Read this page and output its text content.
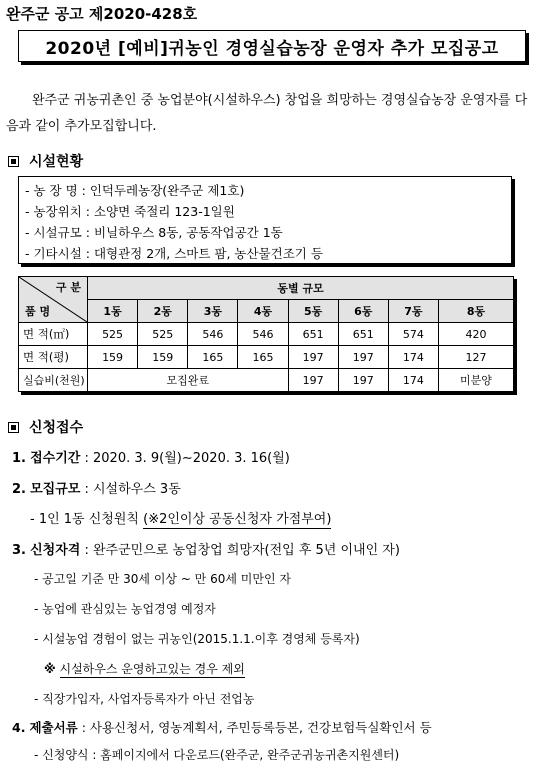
완주군 공고 제2020-428호
2020년 [예비]귀농인 경영실습농장 운영자 추가 모집공고
완주군 귀농귀촌인 중 농업분야(시설하우스) 창업을 희망하는 경영실습농장 운영자를 다음과 같이 추가모집합니다.
시설현황
- 농 장 명 : 인덕두레농장(완주군 제1호)
- 농장위치 : 소양면 죽절리 123-1일원
- 시설규모 : 비닐하우스 8동, 공동작업공간 1동
- 기타시설 : 대형관정 2개, 스마트 팜, 농산물건조기 등
구 분
품 명	동별 규모							
	1동	2동	3동	4동	5동	6동	7동	8동
면 적(㎡)	525	525	546	546	651	651	574	420
면 적(평)	159	159	165	165	197	197	174	127
실습비(천원)	모집완료				197	197	174	미분양
신청접수
1. 접수기간 : 2020. 3. 9(월)∼2020. 3. 16(월)
2. 모집규모 : 시설하우스 3동
- 1인 1동 신청원칙 (※2인이상 공동신청자 가점부여)
3. 신청자격 : 완주군민으로 농업창업 희망자(전입 후 5년 이내인 자)
- 공고일 기준 만 30세 이상 ~ 만 60세 미만인 자
- 농업에 관심있는 농업경영 예정자
- 시설농업 경험이 없는 귀농인(2015.1.1.이후 경영체 등록자)
※ 시설하우스 운영하고있는 경우 제외
- 직장가입자, 사업자등록자가 아닌 전업농
4. 제출서류 : 사용신청서, 영농계획서, 주민등록등본, 건강보험득실확인서 등
- 신청양식 : 홈페이지에서 다운로드(완주군, 완주군귀농귀촌지원센터)
